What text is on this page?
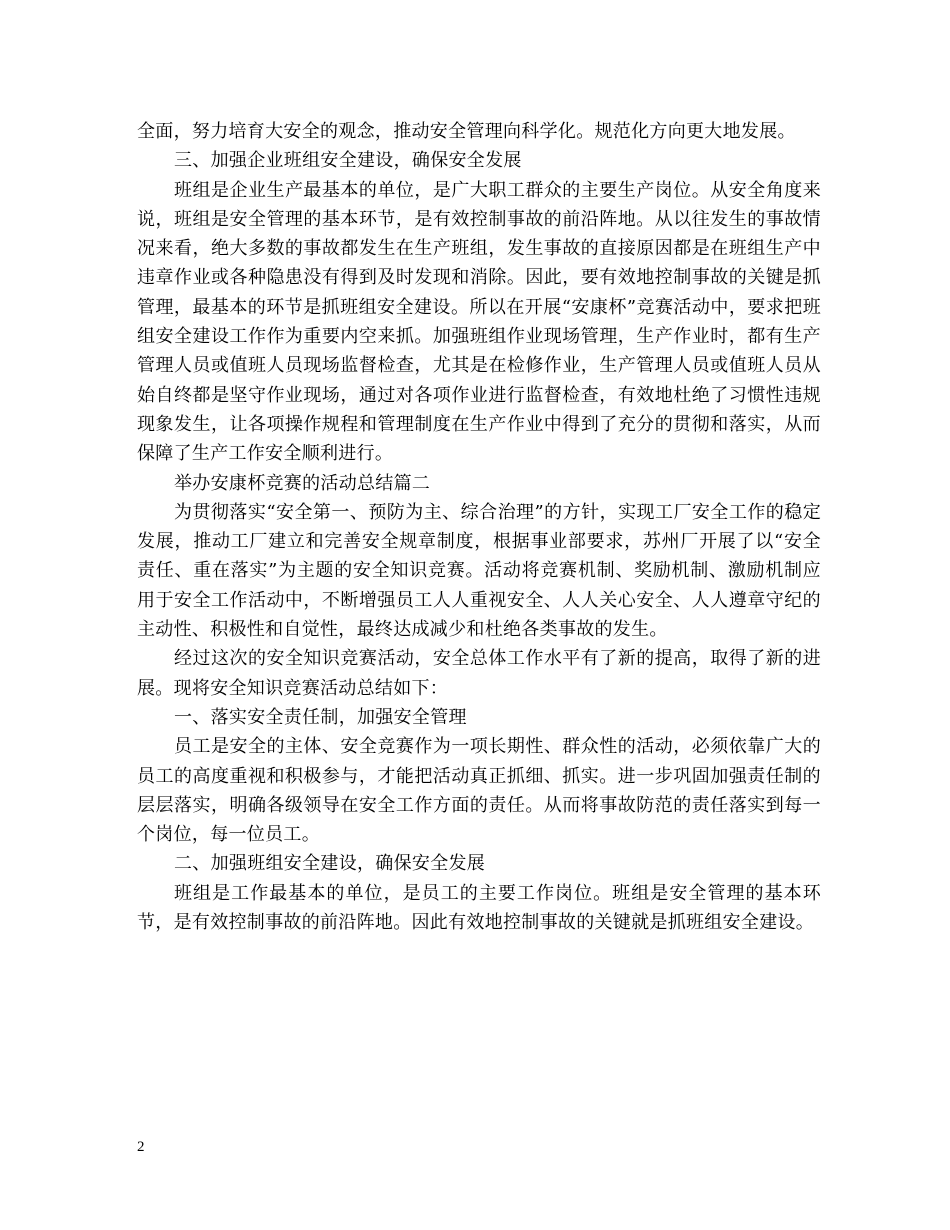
全面，努力培育大安全的观念，推动安全管理向科学化。规范化方向更大地发展。

三、加强企业班组安全建设，确保安全发展

班组是企业生产最基本的单位，是广大职工群众的主要生产岗位。从安全角度来说，班组是安全管理的基本环节，是有效控制事故的前沿阵地。从以往发生的事故情况来看，绝大多数的事故都发生在生产班组，发生事故的直接原因都是在班组生产中违章作业或各种隐患没有得到及时发现和消除。因此，要有效地控制事故的关键是抓管理，最基本的环节是抓班组安全建设。所以在开展“安康杯”竞赛活动中，要求把班组安全建设工作作为重要内空来抓。加强班组作业现场管理，生产作业时，都有生产管理人员或值班人员现场监督检查，尤其是在检修作业，生产管理人员或值班人员从始自终都是坚守作业现场，通过对各项作业进行监督检查，有效地杜绝了习惯性违规现象发生，让各项操作规程和管理制度在生产作业中得到了充分的贯彻和落实，从而保障了生产工作安全顺利进行。

举办安康杯竞赛的活动总结篇二

为贯彻落实“安全第一、预防为主、综合治理”的方针，实现工厂安全工作的稳定发展，推动工厂建立和完善安全规章制度，根据事业部要求，苏州厂开展了以“安全责任、重在落实”为主题的安全知识竞赛。活动将竞赛机制、奖励机制、激励机制应用于安全工作活动中，不断增强员工人人重视安全、人人关心安全、人人遵章守纪的主动性、积极性和自觉性，最终达成减少和杜绝各类事故的发生。

经过这次的安全知识竞赛活动，安全总体工作水平有了新的提高，取得了新的进展。现将安全知识竞赛活动总结如下：

一、落实安全责任制，加强安全管理

员工是安全的主体、安全竞赛作为一项长期性、群众性的活动，必须依靠广大的员工的高度重视和积极参与，才能把活动真正抓细、抓实。进一步巩固加强责任制的层层落实，明确各级领导在安全工作方面的责任。从而将事故防范的责任落实到每一个岗位，每一位员工。

二、加强班组安全建设，确保安全发展

班组是工作最基本的单位，是员工的主要工作岗位。班组是安全管理的基本环节，是有效控制事故的前沿阵地。因此有效地控制事故的关键就是抓班组安全建设。

2
